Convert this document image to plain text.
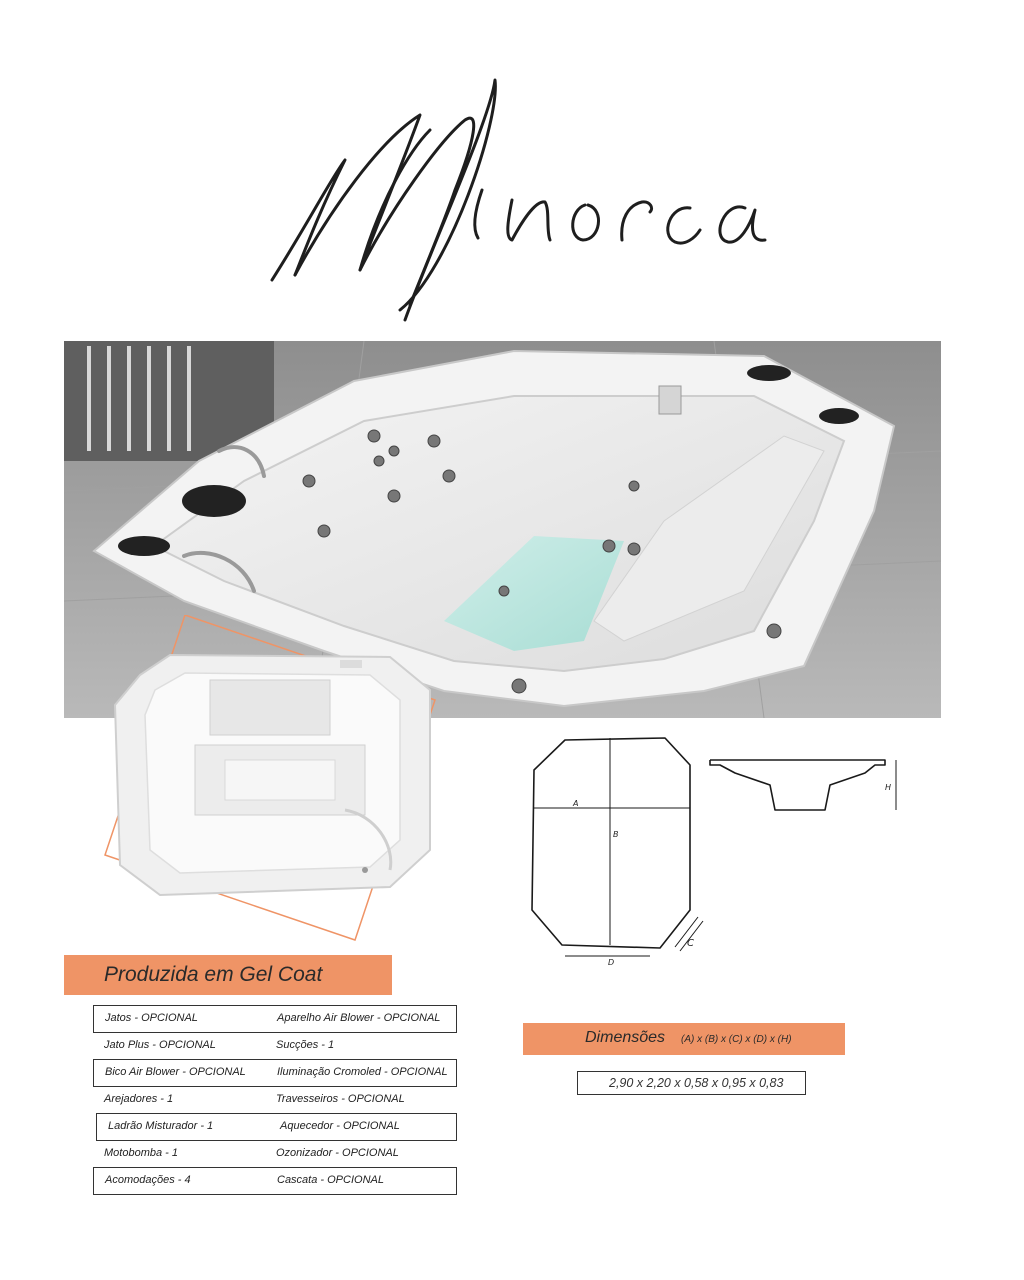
A
B
C
D
H
Produzida em Gel Coat
Jatos - OPCIONAL	Aparelho Air Blower - OPCIONAL
Jato Plus - OPCIONAL	Sucções - 1
Bico Air Blower - OPCIONAL	Iluminação Cromoled - OPCIONAL
Arejadores - 1	Travesseiros - OPCIONAL
Ladrão Misturador - 1	Aquecedor - OPCIONAL
Motobomba - 1	Ozonizador - OPCIONAL
Acomodações - 4	Cascata - OPCIONAL
Dimensões (A) x (B) x (C) x (D) x (H)
2,90 x 2,20 x 0,58 x 0,95 x 0,83
